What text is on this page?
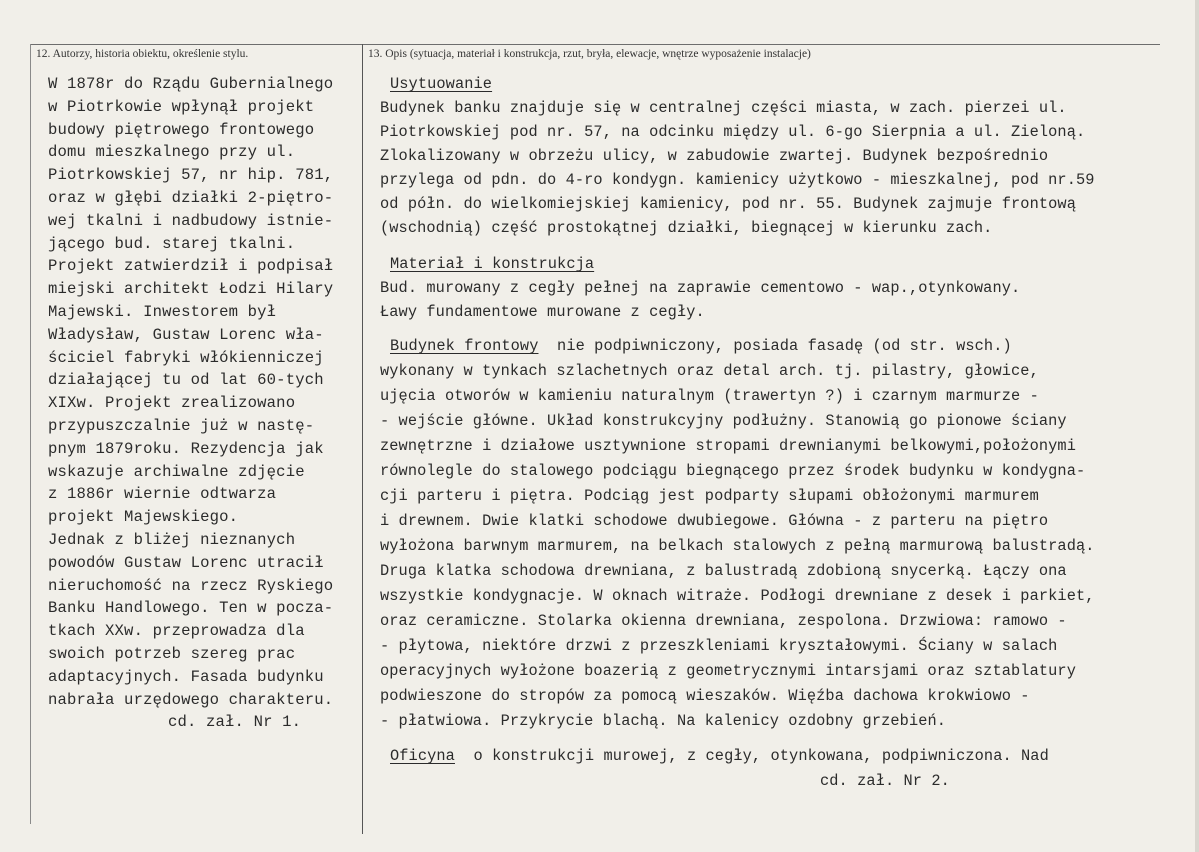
12. Autorzy, historia obiektu, określenie stylu.	13. Opis (sytuacja, materiał i konstrukcja, rzut, bryła, elewacje, wnętrze wyposażenie instalacje)
W 1878r do Rządu Gubernialnego
w Piotrkowie wpłynął projekt
budowy piętrowego frontowego
domu mieszkalnego przy ul.
Piotrkowskiej 57, nr hip. 781,
oraz w głębi działki 2-piętro-
wej tkalni i nadbudowy istnie-
jącego bud. starej tkalni.
Projekt zatwierdził i podpisał
miejski architekt Łodzi Hilary
Majewski. Inwestorem był
Władysław, Gustaw Lorenc wła-
ściciel fabryki włókienniczej
działającej tu od lat 60-tych
XIXw. Projekt zrealizowano
przypuszczalnie już w nastę-
pnym 1879roku. Rezydencja jak
wskazuje archiwalne zdjęcie
z 1886r wiernie odtwarza
projekt Majewskiego.
Jednak z bliżej nieznanych
powodów Gustaw Lorenc utracił
nieruchomość na rzecz Ryskiego
Banku Handlowego. Ten w pocza-
tkach XXw. przeprowadza dla
swoich potrzeb szereg prac
adaptacyjnych. Fasada budynku
nabrała urzędowego charakteru.
cd. zał. Nr 1.
Usytuowanie
Budynek banku znajduje się w centralnej części miasta, w zach. pierzei ul.
Piotrkowskiej pod nr. 57, na odcinku między ul. 6-go Sierpnia a ul. Zieloną.
Zlokalizowany w obrzeżu ulicy, w zabudowie zwartej. Budynek bezpośrednio
przylega od pdn. do 4-ro kondygn. kamienicy użytkowo - mieszkalnej, pod nr.59
od półn. do wielkomiejskiej kamienicy, pod nr. 55. Budynek zajmuje frontową
(wschodnią) część prostokątnej działki, biegnącej w kierunku zach.
Materiał i konstrukcja
Bud. murowany z cegły pełnej na zaprawie cementowo - wap.,otynkowany.
Ławy fundamentowe murowane z cegły.
Budynek frontowy nie podpiwniczony, posiada fasadę (od str. wsch.)
wykonany w tynkach szlachetnych oraz detal arch. tj. pilastry, głowice,
ujęcia otworów w kamieniu naturalnym (trawertyn ?) i czarnym marmurze -
- wejście główne. Układ konstrukcyjny podłużny. Stanowią go pionowe ściany
zewnętrzne i działowe usztywnione stropami drewnianymi belkowymi,położonymi
równolegle do stalowego podciągu biegnącego przez środek budynku w kondygna-
cji parteru i piętra. Podciąg jest podparty słupami obłożonymi marmurem
i drewnem. Dwie klatki schodowe dwubiegowe. Główna - z parteru na piętro
wyłożona barwnym marmurem, na belkach stalowych z pełną marmurową balustradą.
Druga klatka schodowa drewniana, z balustradą zdobioną snycerką. Łączy ona
wszystkie kondygnacje. W oknach witraże. Podłogi drewniane z desek i parkiet,
oraz ceramiczne. Stolarka okienna drewniana, zespolona. Drzwiowa: ramowo -
- płytowa, niektóre drzwi z przeszkleniami kryształowymi. Ściany w salach
operacyjnych wyłożone boazerią z geometrycznymi intarsjami oraz sztablatury
podwieszone do stropów za pomocą wieszaków. Więźba dachowa krokwiowo -
- płatwiowa. Przykrycie blachą. Na kalenicy ozdobny grzebień.
Oficyna o konstrukcji murowej, z cegły, otynkowana, podpiwniczona. Nad
cd. zał. Nr 2.
